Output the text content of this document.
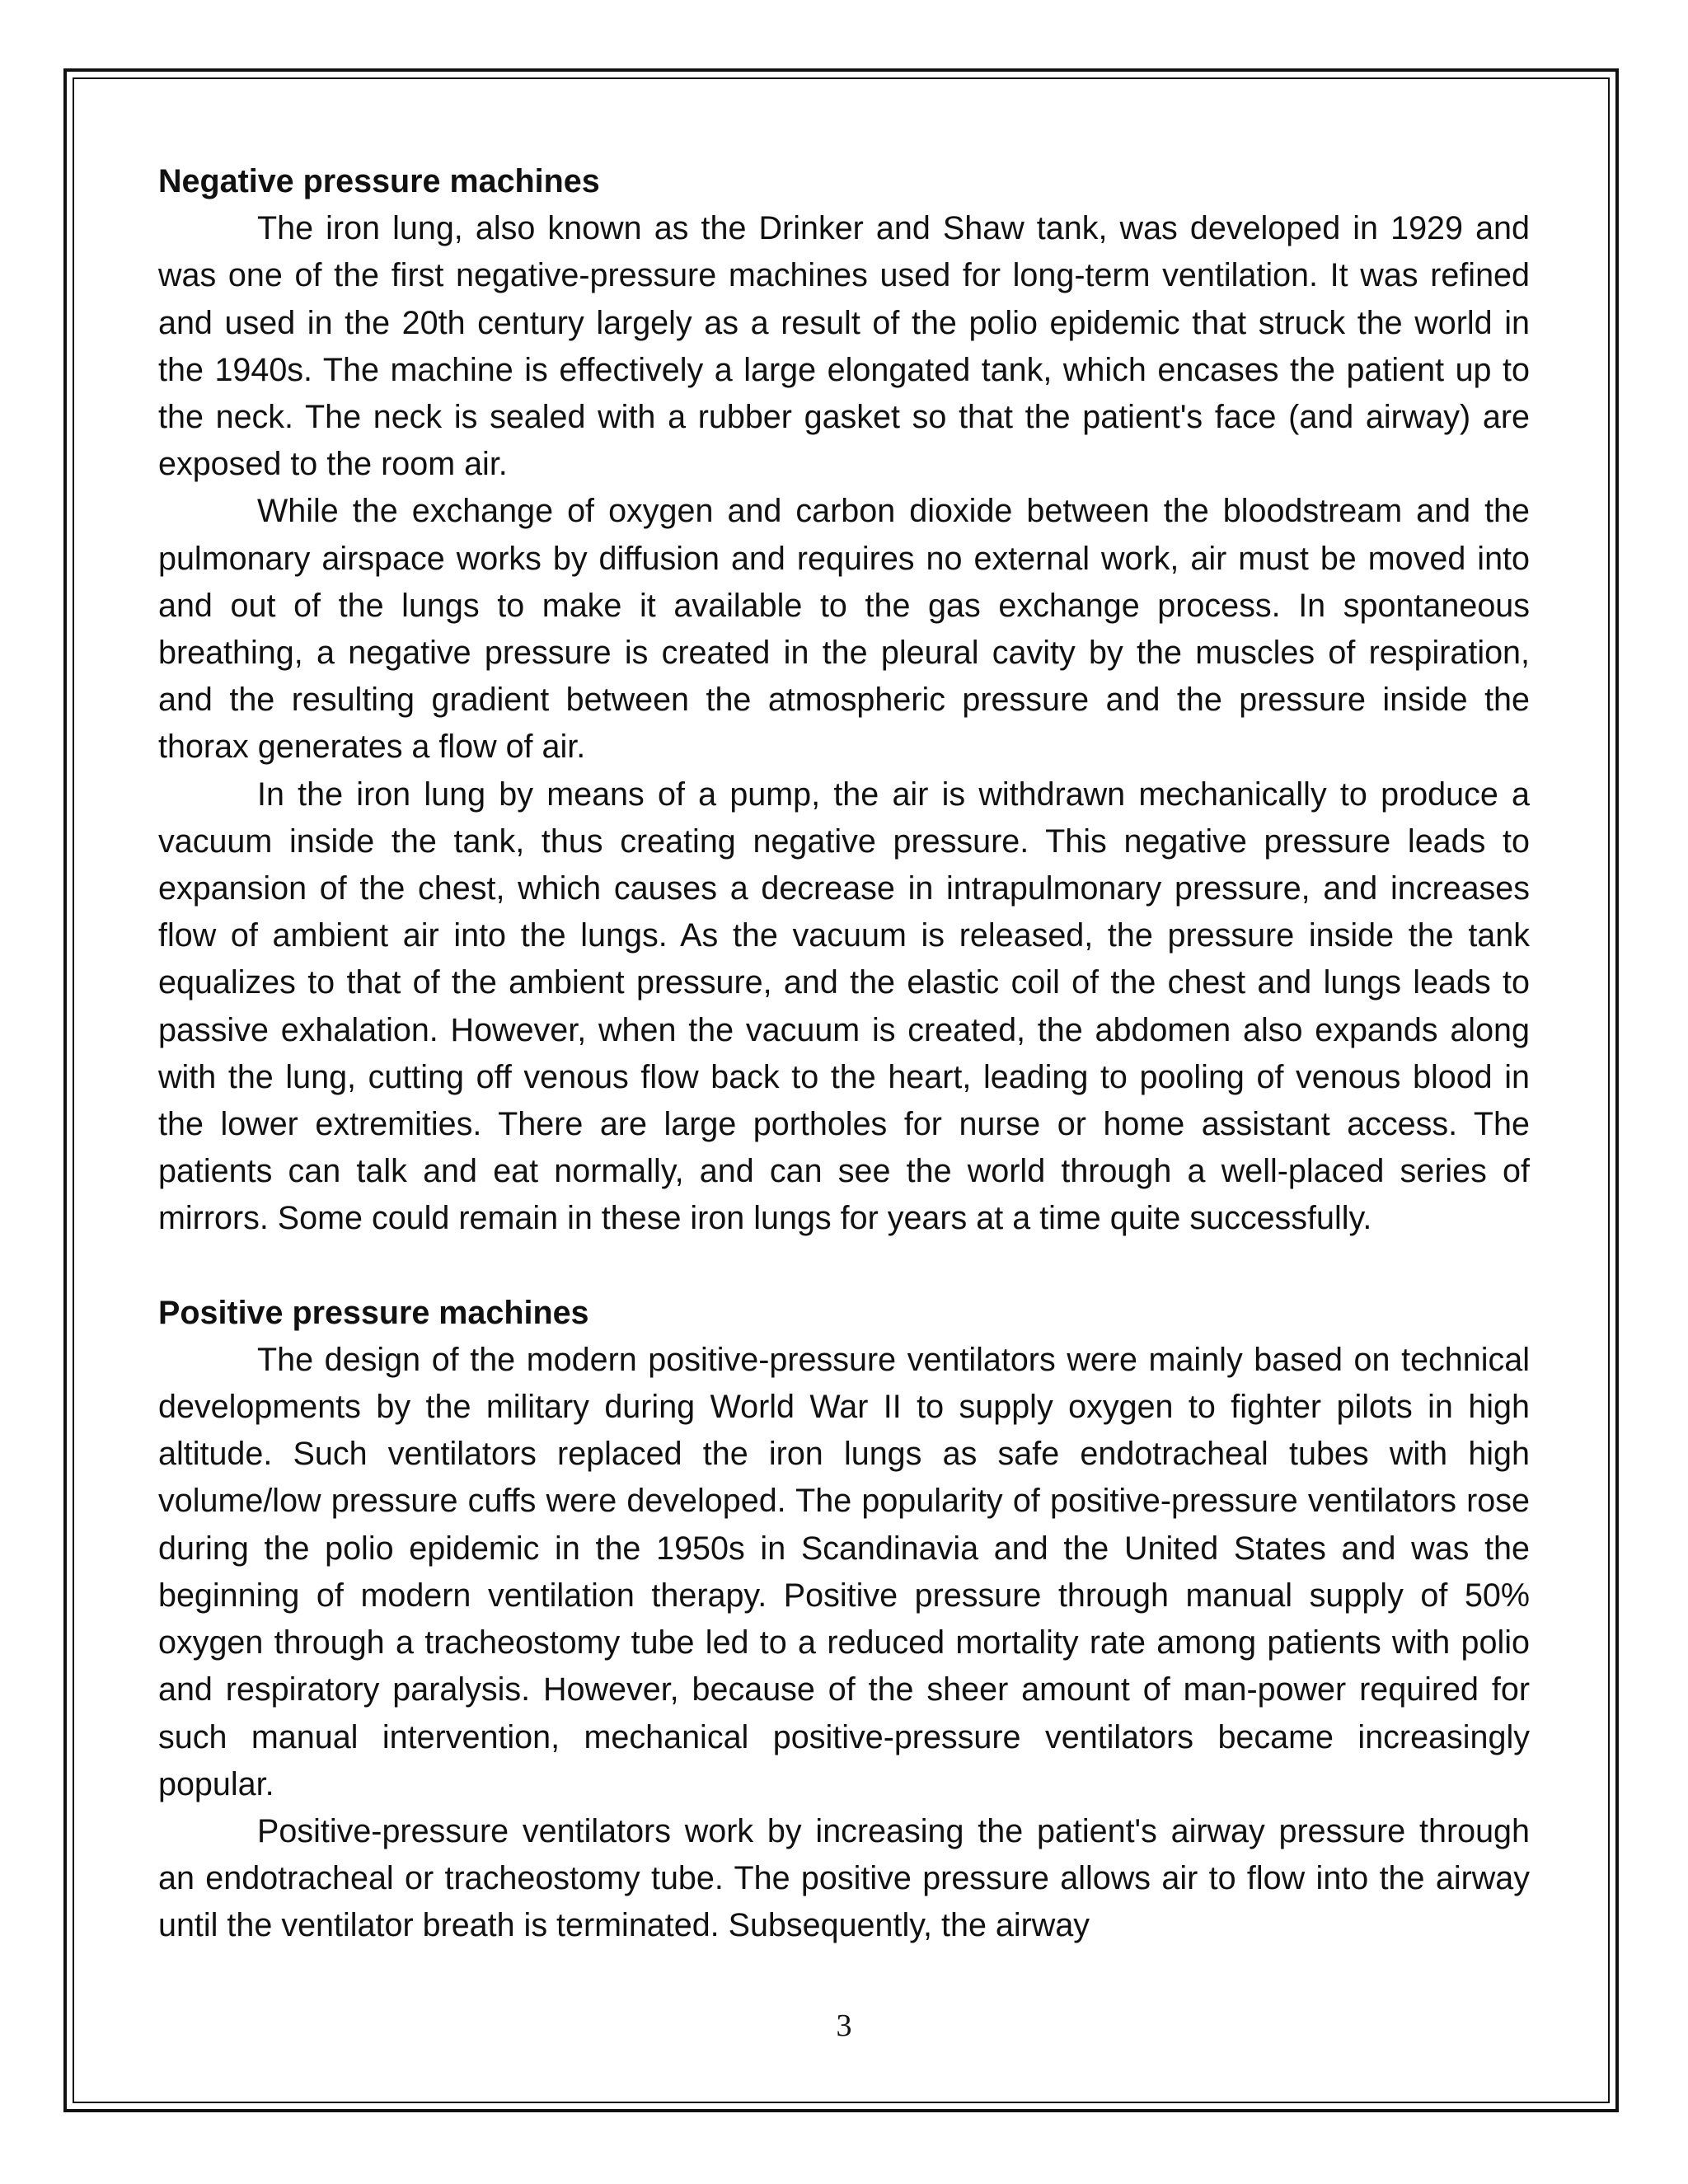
Negative pressure machines

The iron lung, also known as the Drinker and Shaw tank, was developed in 1929 and was one of the first negative-pressure machines used for long-term ventilation. It was refined and used in the 20th century largely as a result of the polio epidemic that struck the world in the 1940s. The machine is effectively a large elongated tank, which encases the patient up to the neck. The neck is sealed with a rubber gasket so that the patient's face (and airway) are exposed to the room air.

While the exchange of oxygen and carbon dioxide between the bloodstream and the pulmonary airspace works by diffusion and requires no external work, air must be moved into and out of the lungs to make it available to the gas exchange process. In spontaneous breathing, a negative pressure is created in the pleural cavity by the muscles of respiration, and the resulting gradient between the atmospheric pressure and the pressure inside the thorax generates a flow of air.

In the iron lung by means of a pump, the air is withdrawn mechanically to produce a vacuum inside the tank, thus creating negative pressure. This negative pressure leads to expansion of the chest, which causes a decrease in intrapulmonary pressure, and increases flow of ambient air into the lungs. As the vacuum is released, the pressure inside the tank equalizes to that of the ambient pressure, and the elastic coil of the chest and lungs leads to passive exhalation. However, when the vacuum is created, the abdomen also expands along with the lung, cutting off venous flow back to the heart, leading to pooling of venous blood in the lower extremities. There are large portholes for nurse or home assistant access. The patients can talk and eat normally, and can see the world through a well-placed series of mirrors. Some could remain in these iron lungs for years at a time quite successfully.

Positive pressure machines

The design of the modern positive-pressure ventilators were mainly based on technical developments by the military during World War II to supply oxygen to fighter pilots in high altitude. Such ventilators replaced the iron lungs as safe endotracheal tubes with high volume/low pressure cuffs were developed. The popularity of positive-pressure ventilators rose during the polio epidemic in the 1950s in Scandinavia and the United States and was the beginning of modern ventilation therapy. Positive pressure through manual supply of 50% oxygen through a tracheostomy tube led to a reduced mortality rate among patients with polio and respiratory paralysis. However, because of the sheer amount of man-power required for such manual intervention, mechanical positive-pressure ventilators became increasingly popular.

Positive-pressure ventilators work by increasing the patient's airway pressure through an endotracheal or tracheostomy tube. The positive pressure allows air to flow into the airway until the ventilator breath is terminated. Subsequently, the airway

3
